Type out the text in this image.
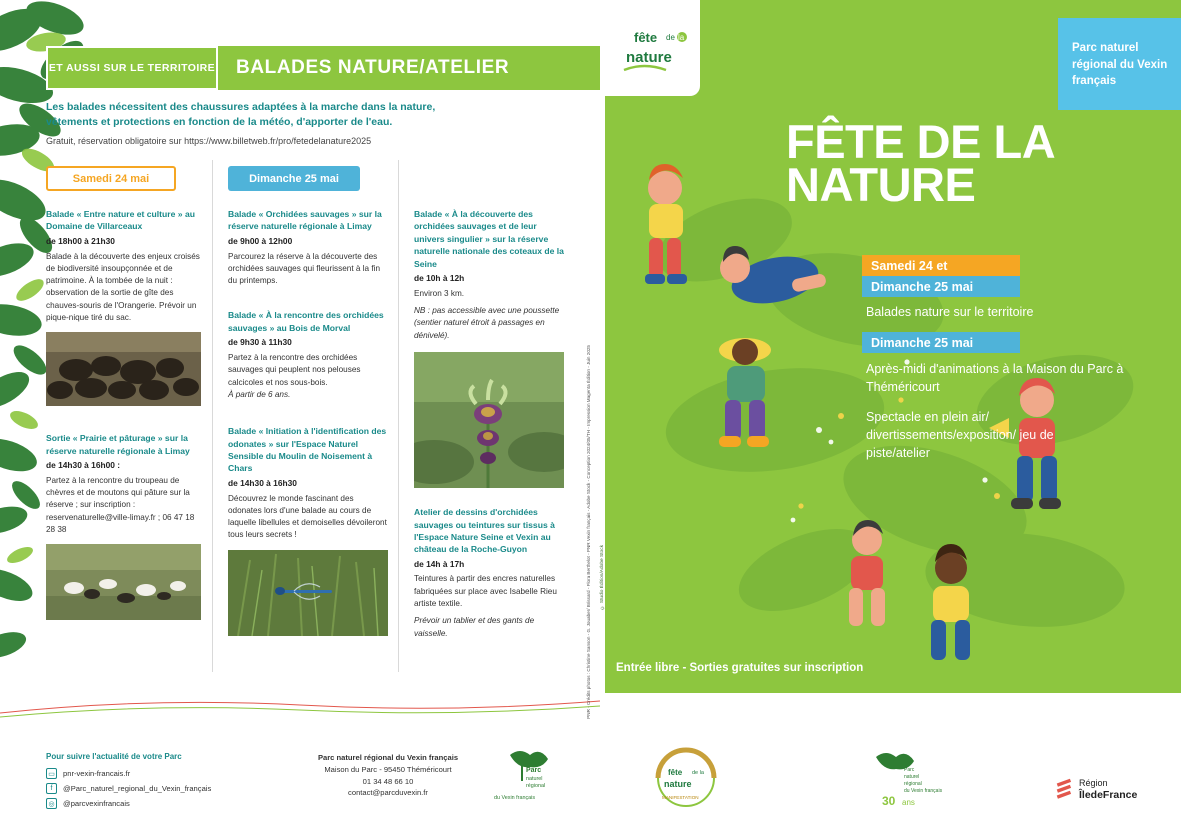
ET AUSSI SUR LE TERRITOIRE BALADES NATURE/ATELIER
Les balades nécessitent des chaussures adaptées à la marche dans la nature,
vêtements et protections en fonction de la météo, d'apporter de l'eau.
Gratuit, réservation obligatoire sur https://www.billetweb.fr/pro/fetedelanature2025
Samedi 24 mai	Dimanche 25 mai
Balade « Entre nature et culture » au Domaine de Villarceaux
de 18h00 à 21h30
Balade à la découverte des enjeux croisés de biodiversité insoupçonnée et de patrimoine. À la tombée de la nuit : observation de la sortie de gîte des chauves-souris de l'Orangerie. Prévoir un pique-nique tiré du sac.
Sortie « Prairie et pâturage » sur la réserve naturelle régionale à Limay
de 14h30 à 16h00 :
Partez à la rencontre du troupeau de chèvres et de moutons qui pâture sur la réserve ; sur inscription : reservenaturelle@ville-limay.fr ; 06 47 18 28 38
Balade « Orchidées sauvages » sur la réserve naturelle régionale à Limay
de 9h00 à 12h00
Parcourez la réserve à la découverte des orchidées sauvages qui fleurissent à la fin du printemps.
Balade « À la rencontre des orchidées sauvages » au Bois de Morval
de 9h30 à 11h30
Partez à la rencontre des orchidées sauvages qui peuplent nos pelouses calcicoles et nos sous-bois.
À partir de 6 ans.
Balade « Initiation à l'identification des odonates » sur l'Espace Naturel Sensible du Moulin de Noisement à Chars
de 14h30 à 16h30
Découvrez le monde fascinant des odonates lors d'une balade au cours de laquelle libellules et demoiselles dévoileront tous leurs secrets !
Balade « À la découverte des orchidées sauvages et de leur univers singulier » sur la réserve naturelle nationale des coteaux de la Seine
de 10h à 12h
Environ 3 km.
NB : pas accessible avec une poussette (sentier naturel étroit à passages en dénivelé).
Atelier de dessins d'orchidées sauvages ou teintures sur tissus à l'Espace Nature Seine et Vexin au château de la Roche-Guyon
de 14h à 17h
Teintures à partir des encres naturelles fabriquées sur place avec Isabelle Rieu artiste textile.
Prévoir un tablier et des gants de vaisselle.
fête de la
nature
Parc naturel régional du Vexin français
FÊTE DE LA
NATURE
Samedi 24 et
Dimanche 25 mai
Balades nature sur le territoire
Dimanche 25 mai
Après-midi d'animations à la Maison du Parc à Théméricourt
Spectacle en plein air/ divertissements/exposition/ jeu de piste/atelier
Entrée libre - Sorties gratuites sur inscription
PNR - Crédits photos : Christine Sanson - G. Jouaber/ Brissard - Flora Berthelot - PNR Vexin français - Adobe Stock - Conception 2024/05/TH - Impression Magenta Édition - Juin 2025 © Studio Édition/Adobe Stock
Pour suivre l'actualité de votre Parc
▭ pnr-vexin-francais.fr
f	@Parc_naturel_regional_du_Vexin_français
◎	@parcvexinfrancais
Parc naturel régional du Vexin français
Maison du Parc - 95450 Théméricourt
01 34 48 66 10
contact@parcduvexin.fr
Parc
naturel
régional
du Vexin français
fête de la
nature
MANIFESTATION
Parc
naturel
régional
du Vexin français
30 ans
Région
ÎledeFrance
